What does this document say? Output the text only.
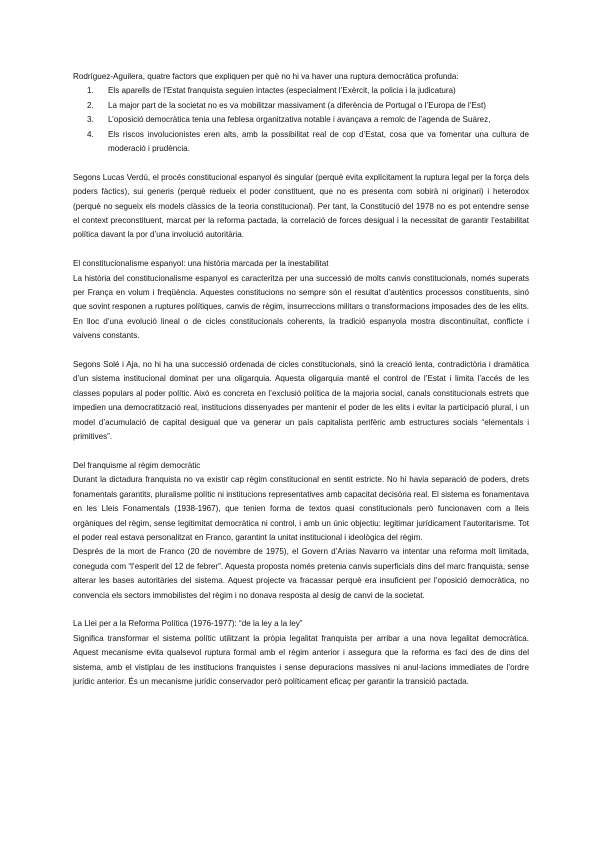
Rodríguez-Aguilera, quatre factors que expliquen per què no hi va haver una ruptura democràtica profunda:

1. Els aparells de l’Estat franquista seguien intactes (especialment l’Exèrcit, la policia i la judicatura)
2. La major part de la societat no es va mobilitzar massivament (a diferència de Portugal o l’Europa de l’Est)
3. L’oposició democràtica tenia una feblesa organitzativa notable i avançava a remolc de l’agenda de Suárez,
4. Els riscos involucionistes eren alts, amb la possibilitat real de cop d’Estat, cosa que va fomentar una cultura de moderació i prudència.

Segons Lucas Verdú, el procés constitucional espanyol és singular (perquè evita explícitament la ruptura legal per la força dels poders fàctics), sui generis (perquè redueix el poder constituent, que no es presenta com sobirà ni originari) i heterodox (perquè no segueix els models clàssics de la teoria constitucional). Per tant, la Constitució del 1978 no es pot entendre sense el context preconstituent, marcat per la reforma pactada, la correlació de forces desigual i la necessitat de garantir l’estabilitat política davant la por d’una involució autoritària.

El constitucionalisme espanyol: una història marcada per la inestabilitat

La història del constitucionalisme espanyol es caracteritza per una successió de molts canvis constitucionals, només superats per França en volum i freqüència. Aquestes constitucions no sempre són el resultat d’autèntics processos constituents, sinó que sovint responen a ruptures polítiques, canvis de règim, insurreccions militars o transformacions imposades des de les elits. En lloc d’una evolució lineal o de cicles constitucionals coherents, la tradició espanyola mostra discontinuïtat, conflicte i vaivens constants.

Segons Solé i Aja, no hi ha una successió ordenada de cicles constitucionals, sinó la creació lenta, contradictòria i dramàtica d’un sistema institucional dominat per una oligarquia. Aquesta oligarquia manté el control de l’Estat i limita l’accés de les classes populars al poder polític. Això es concreta en l’exclusió política de la majoria social, canals constitucionals estrets que impedien una democratització real, institucions dissenyades per mantenir el poder de les elits i evitar la participació plural, i un model d’acumulació de capital desigual que va generar un país capitalista perifèric amb estructures socials “elementals i primitives”.

Del franquisme al règim democràtic

Durant la dictadura franquista no va existir cap règim constitucional en sentit estricte. No hi havia separació de poders, drets fonamentals garantits, pluralisme polític ni institucions representatives amb capacitat decisòria real. El sistema es fonamentava en les Lleis Fonamentals (1938-1967), que tenien forma de textos quasi constitucionals però funcionaven com a lleis orgàniques del règim, sense legitimitat democràtica ni control, i amb un únic objectiu: legitimar jurídicament l’autoritarisme. Tot el poder real estava personalitzat en Franco, garantint la unitat institucional i ideològica del règim.

Després de la mort de Franco (20 de novembre de 1975), el Govern d’Arias Navarro va intentar una reforma molt limitada, coneguda com “l’esperit del 12 de febrer”. Aquesta proposta només pretenia canvis superficials dins del marc franquista, sense alterar les bases autoritàries del sistema. Aquest projecte va fracassar perquè era insuficient per l’oposició democràtica, no convencia els sectors immobilistes del règim i no donava resposta al desig de canvi de la societat.

La Llei per a la Reforma Política (1976-1977): “de la ley a la ley”

Significa transformar el sistema polític utilitzant la pròpia legalitat franquista per arribar a una nova legalitat democràtica. Aquest mecanisme evita qualsevol ruptura formal amb el règim anterior i assegura que la reforma es faci des de dins del sistema, amb el vistiplau de les institucions franquistes i sense depuracions massives ni anul·lacions immediates de l’ordre jurídic anterior. És un mecanisme jurídic conservador però políticament eficaç per garantir la transició pactada.
